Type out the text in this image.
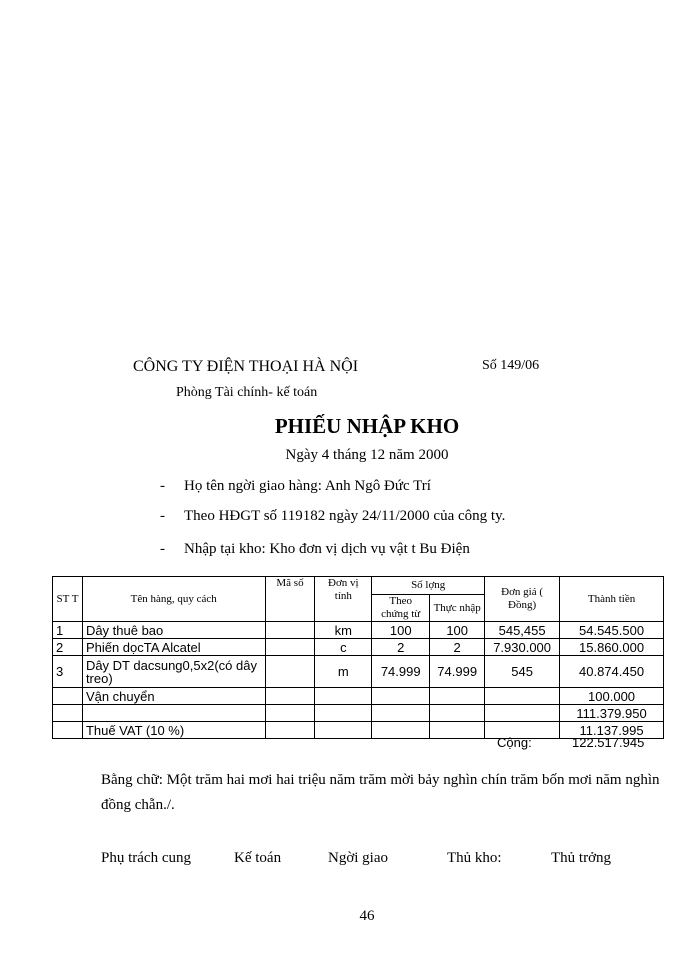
CÔNG TY ĐIỆN THOẠI HÀ NỘI	Số 149/06
Phòng Tài chính- kế toán
PHIẾU NHẬP KHO
Ngày 4 tháng 12 năm 2000
- Họ tên ngời giao hàng: Anh Ngô Đức Trí
- Theo HĐGT số 119182 ngày 24/11/2000 của công ty.
- Nhập tại kho: Kho đơn vị dịch vụ vật t Bu Điện
ST T	Tên hàng, quy cách	Mã số	Đơn vị tính	Số lợng		Đơn giá ( Đồng)	Thành tiền
				Theo chứng từ	Thực nhập		
1	Dây thuê bao		km	100	100	545,455	54.545.500
2	Phiến dọcTA Alcatel		c	2	2	7.930.000	15.860.000
3	Dây DT dacsung0,5x2(có dây treo)		m	74.999	74.999	545	40.874.450
	Vận chuyển						100.000
							111.379.950
	Thuế VAT (10 %)						11.137.995
Cộng:	122.517.945
Bằng chữ: Một trăm hai mơi hai triệu năm trăm mời bảy nghìn chín trăm bốn mơi năm nghìn đồng chẵn./.
Phụ trách cung	Kế toán	Ngời giao	Thủ kho:	Thủ trởng
46
